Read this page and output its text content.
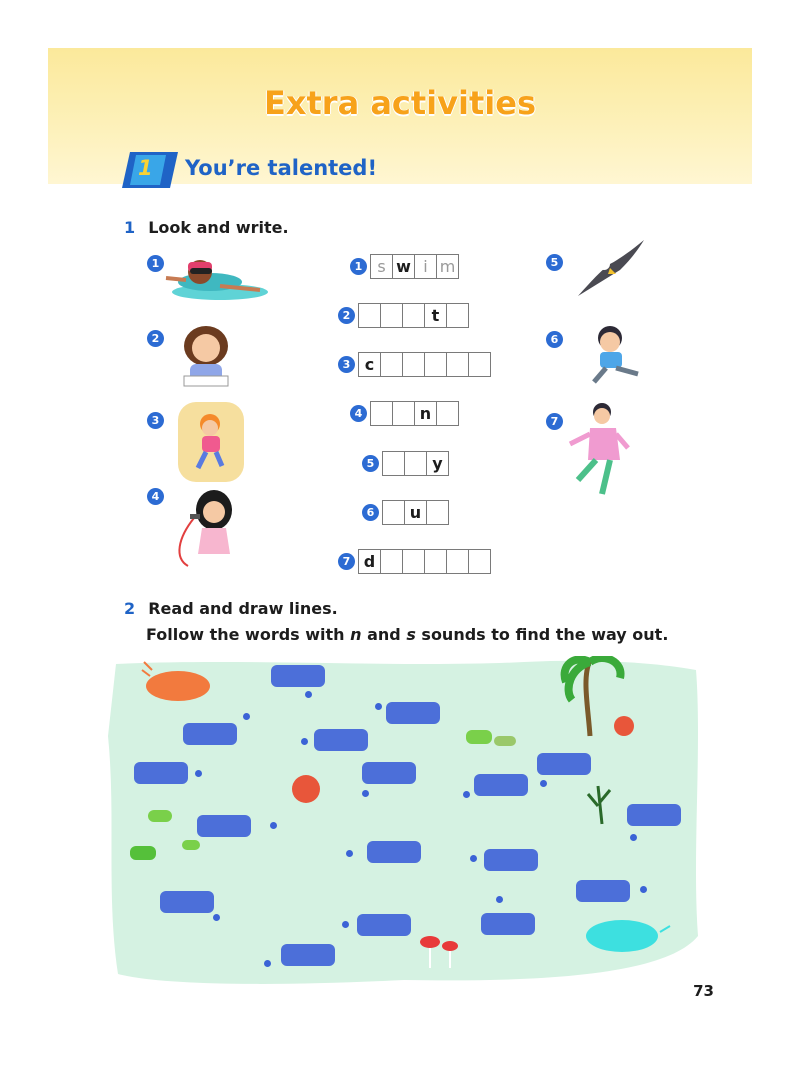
Extra activities
1 You’re talented!
1 Look and write.
1
2
3
4
1 s w i m
2	t
3 c
4	n
5	y
6	u
7 d
5
6
7
2 Read and draw lines.
Follow the words with n and s sounds to find the way out.
73
